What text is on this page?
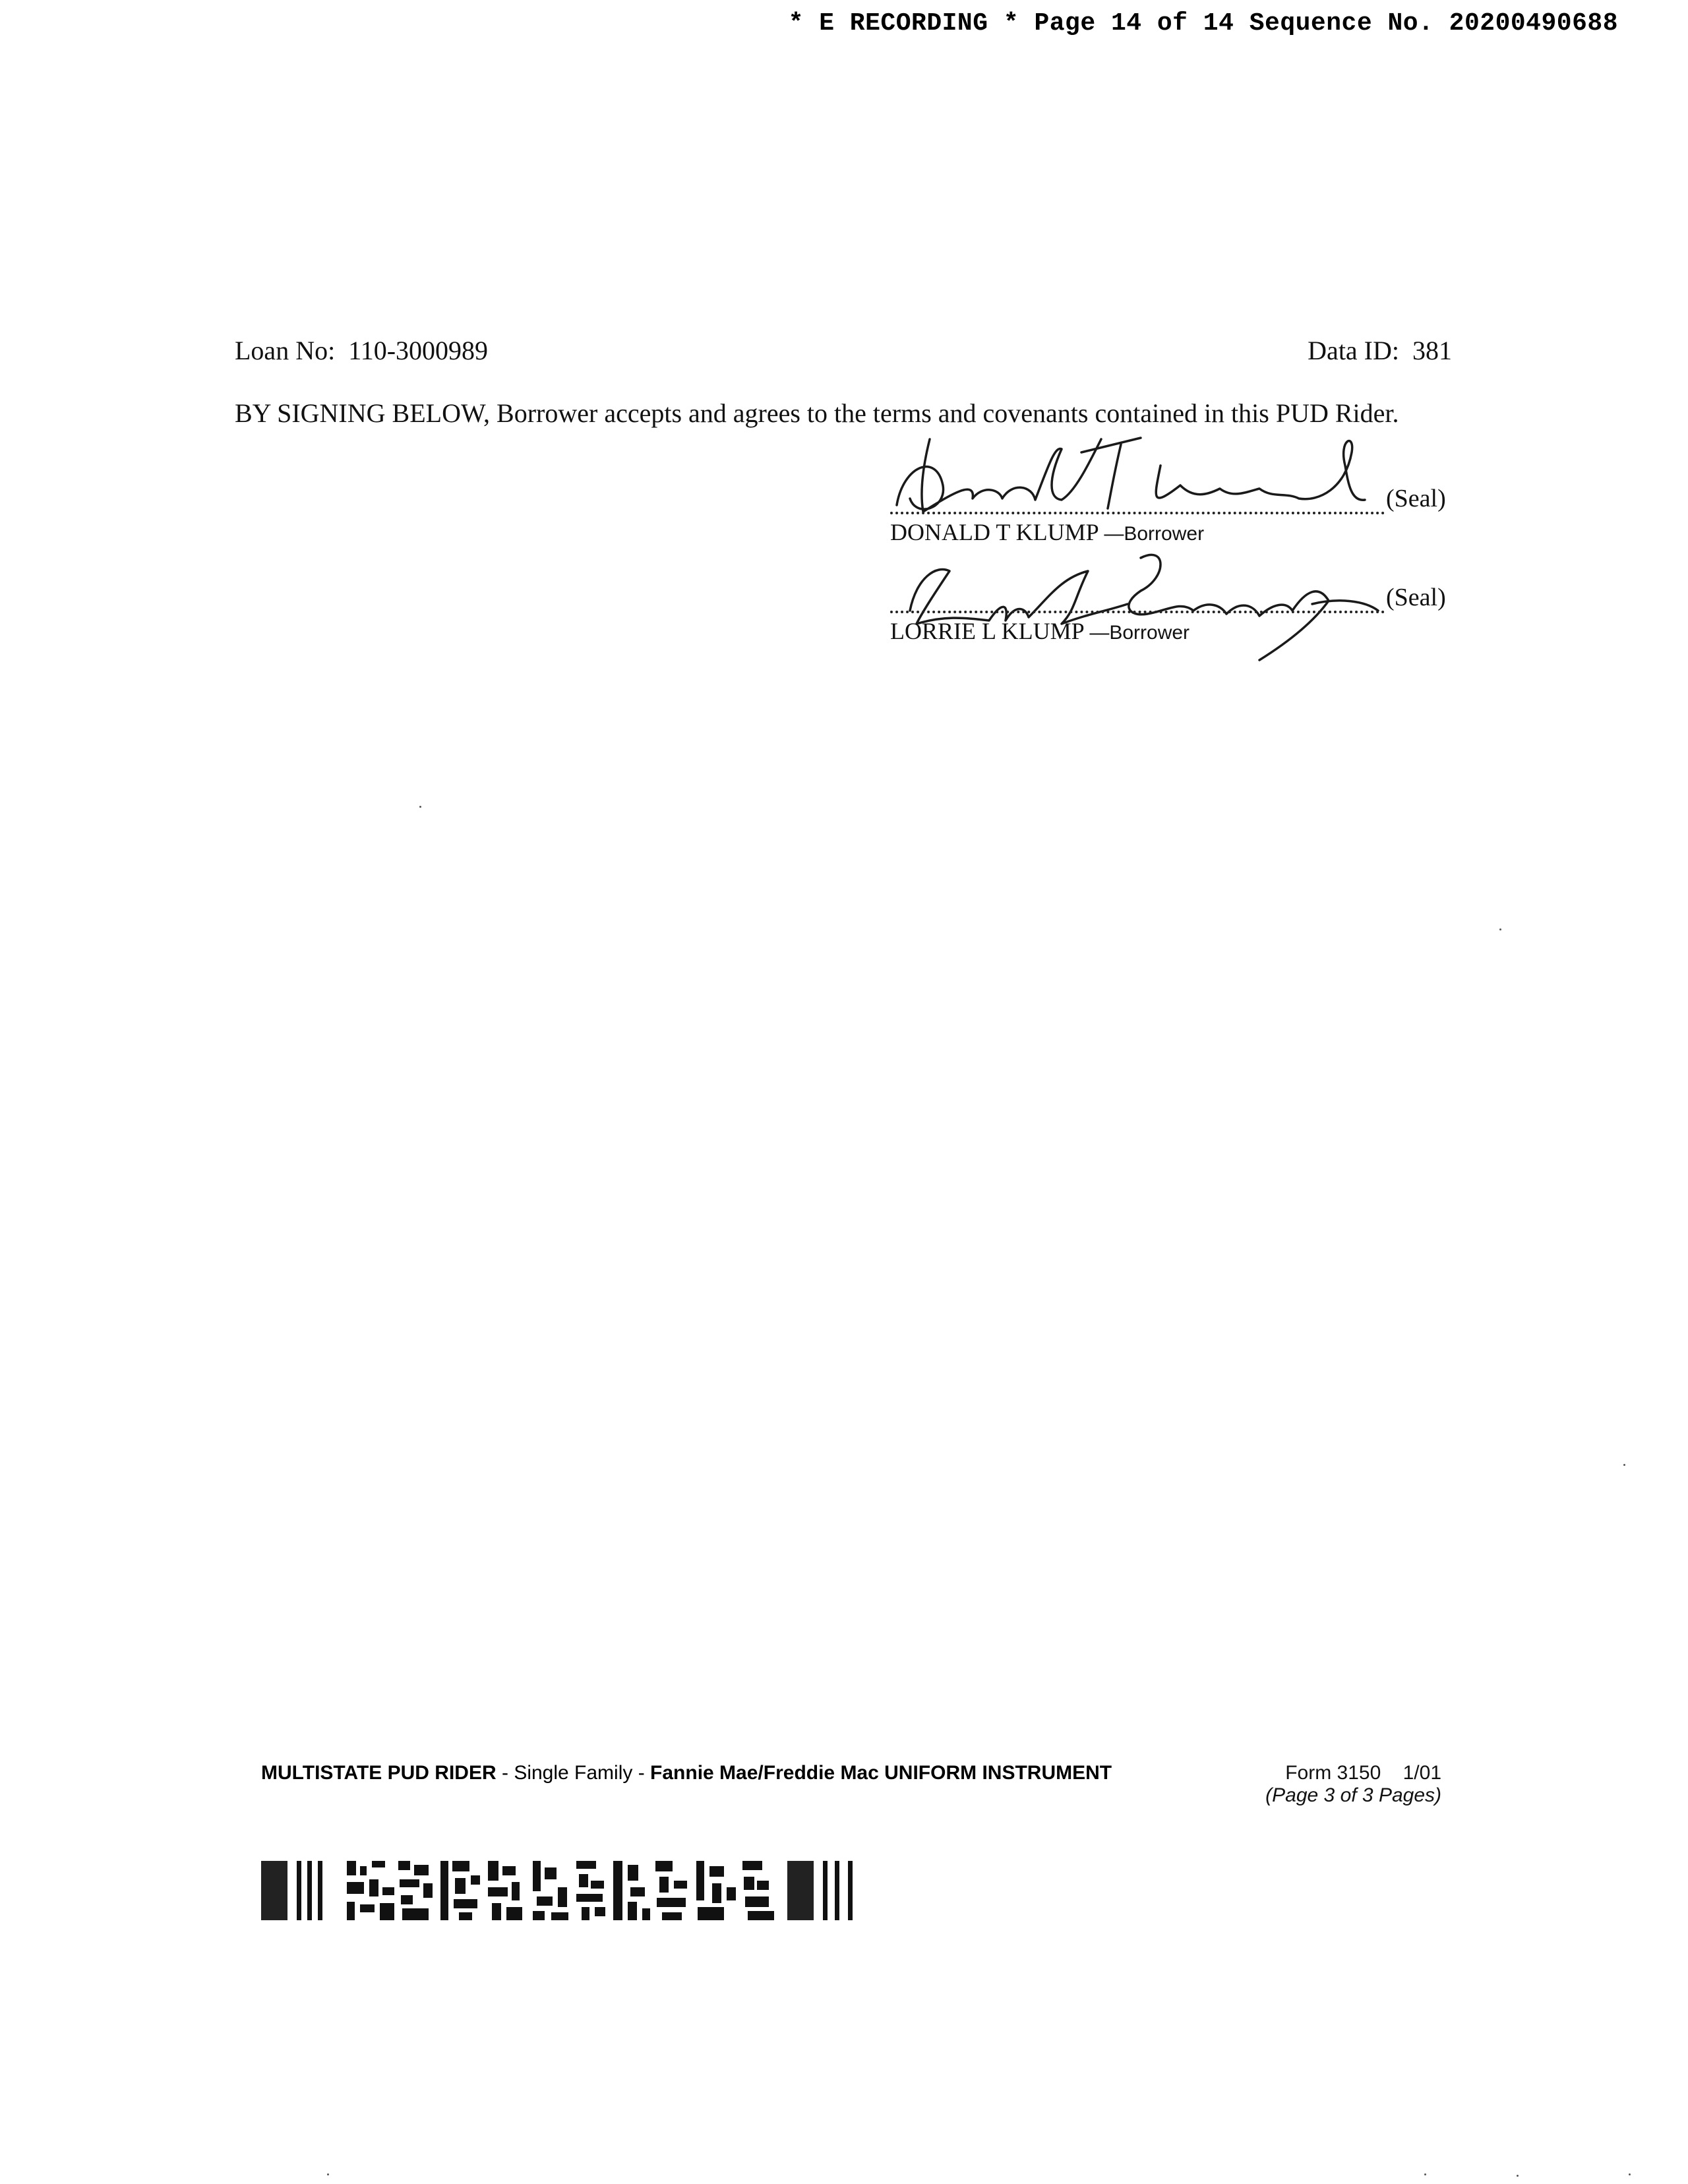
* E RECORDING * Page 14 of 14 Sequence No. 20200490688
Loan No: 110-3000989	Data ID: 381
BY SIGNING BELOW, Borrower accepts and agrees to the terms and covenants contained in this PUD Rider.
(Seal)
DONALD T KLUMP —Borrower
(Seal)
LORRIE L KLUMP —Borrower
MULTISTATE PUD RIDER - Single Family - Fannie Mae/Freddie Mac UNIFORM INSTRUMENT	Form 3150 1/01
(Page 3 of 3 Pages)
